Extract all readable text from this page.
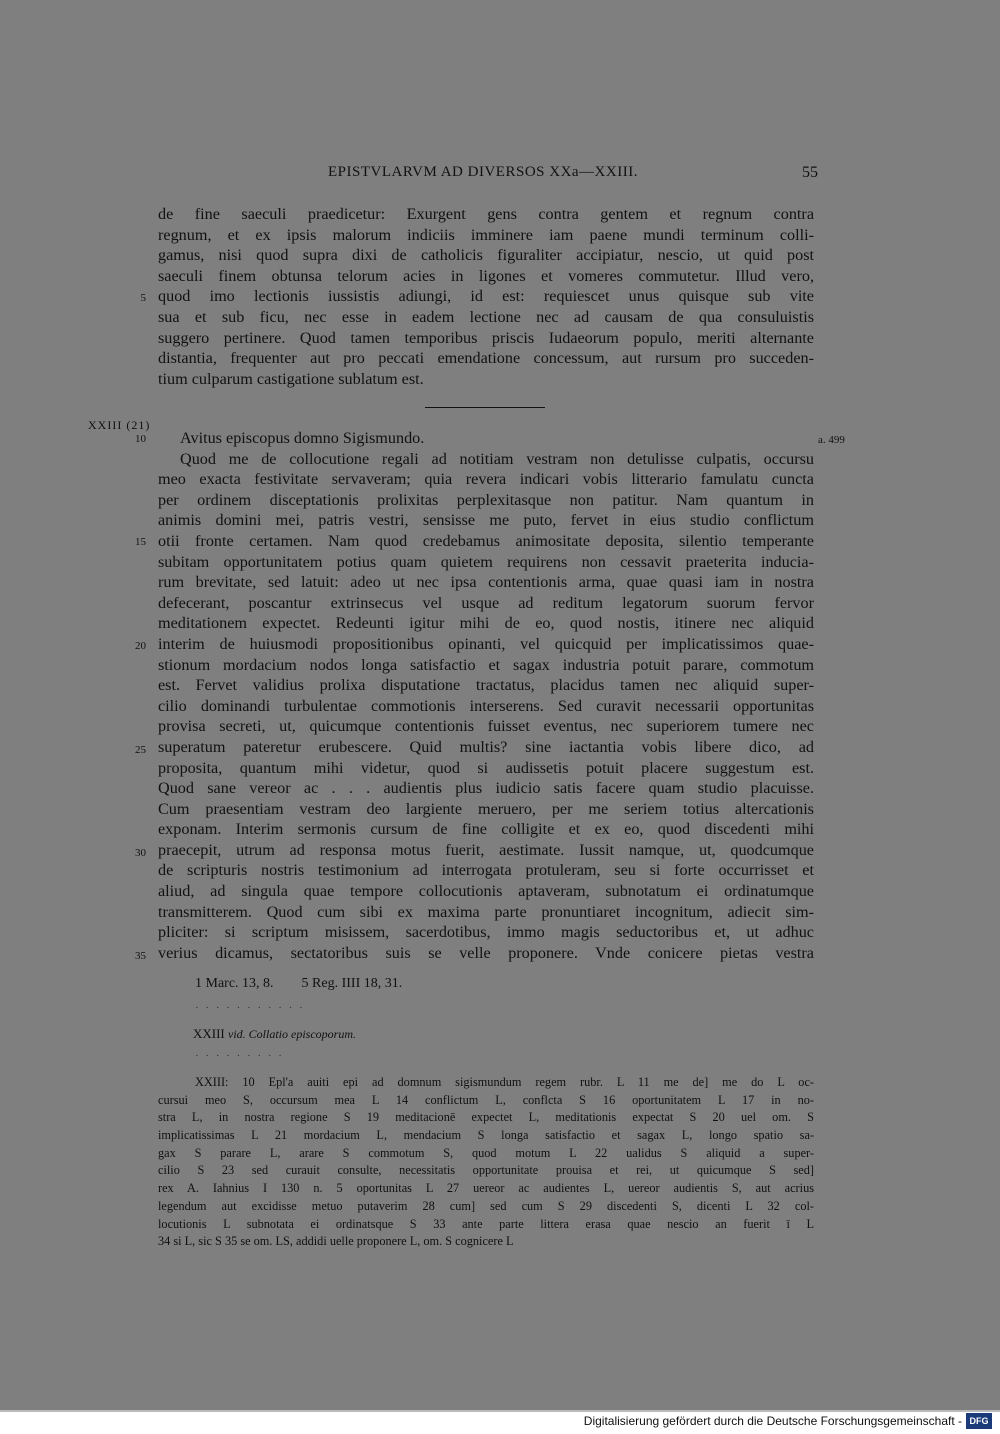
EPISTVLARVM AD DIVERSOS XXa—XXIII.	55
de fine saeculi praedicetur: Exurgent gens contra gentem et regnum contra
regnum, et ex ipsis malorum indiciis imminere iam paene mundi terminum colli-
gamus, nisi quod supra dixi de catholicis figuraliter accipiatur, nescio, ut quid post
saeculi finem obtunsa telorum acies in ligones et vomeres commutetur. Illud vero,
quod imo lectionis iussistis adiungi, id est: requiescet unus quisque sub vite
sua et sub ficu, nec esse in eadem lectione nec ad causam de qua consuluistis
suggero pertinere. Quod tamen temporibus priscis Iudaeorum populo, meriti alternante
distantia, frequenter aut pro peccati emendatione concessum, aut rursum pro succeden-
tium culparum castigatione sublatum est.
5
XXIII (21)
a. 499
Avitus episcopus domno Sigismundo.
Quod me de collocutione regali ad notitiam vestram non detulisse culpatis, occursu
meo exacta festivitate servaveram; quia revera indicari vobis litterario famulatu cuncta
per ordinem disceptationis prolixitas perplexitasque non patitur. Nam quantum in
animis domini mei, patris vestri, sensisse me puto, fervet in eius studio conflictum
otii fronte certamen. Nam quod credebamus animositate deposita, silentio temperante
subitam opportunitatem potius quam quietem requirens non cessavit praeterita inducia-
rum brevitate, sed latuit: adeo ut nec ipsa contentionis arma, quae quasi iam in nostra
defecerant, poscantur extrinsecus vel usque ad reditum legatorum suorum fervor
meditationem expectet. Redeunti igitur mihi de eo, quod nostis, itinere nec aliquid
interim de huiusmodi propositionibus opinanti, vel quicquid per implicatissimos quae-
stionum mordacium nodos longa satisfactio et sagax industria potuit parare, commotum
est. Fervet validius prolixa disputatione tractatus, placidus tamen nec aliquid super-
cilio dominandi turbulentae commotionis interserens. Sed curavit necessarii opportunitas
provisa secreti, ut, quicumque contentionis fuisset eventus, nec superiorem tumere nec
superatum pateretur erubescere. Quid multis? sine iactantia vobis libere dico, ad
proposita, quantum mihi videtur, quod si audissetis potuit placere suggestum est.
Quod sane vereor ac . . . audientis plus iudicio satis facere quam studio placuisse.
Cum praesentiam vestram deo largiente meruero, per me seriem totius altercationis
exponam. Interim sermonis cursum de fine colligite et ex eo, quod discedenti mihi
praecepit, utrum ad responsa motus fuerit, aestimate. Iussit namque, ut, quodcumque
de scripturis nostris testimonium ad interrogata protuleram, seu si forte occurrisset et
aliud, ad singula quae tempore collocutionis aptaveram, subnotatum ei ordinatumque
transmitterem. Quod cum sibi ex maxima parte pronuntiaret incognitum, adiecit sim-
pliciter: si scriptum misissem, sacerdotibus, immo magis seductoribus et, ut adhuc
verius dicamus, sectatoribus suis se velle proponere. Vnde conicere pietas vestra
10
15
20
25
30
35
1 Marc. 13, 8.        5 Reg. IIII 18, 31.
· · · · · · · · · · ·
XXIII vid. Collatio episcoporum.
· · · · · · · · ·
XXIII: 10 Epl'a auiti epi ad domnum sigismundum regem rubr. L 11 me de] me do L oc-
cursui meo S, occursum mea L 14 conflictum L, conflcta S 16 oportunitatem L 17 in no-
stra L, in nostra regione S 19 meditacionē expectet L, meditationis expectat S 20 uel om. S
implicatissimas L 21 mordacium L, mendacium S longa satisfactio et sagax L, longo spatio sa-
gax S parare L, arare S commotum S, quod motum L 22 ualidus S aliquid a super-
cilio S 23 sed curauit consulte, necessitatis opportunitate prouisa et rei, ut quicumque S sed]
rex A. Iahnius I 130 n. 5 oportunitas L 27 uereor ac audientes L, uereor audientis S, aut acrius
legendum aut excidisse metuo putaverim 28 cum] sed cum S 29 discedenti S, dicenti L 32 col-
locutionis L subnotata ei ordinatsque S 33 ante parte littera erasa quae nescio an fuerit ī L
34 si L, sic S 35 se om. LS, addidi uelle proponere L, om. S cognicere L
Digitalisierung gefördert durch die Deutsche Forschungsgemeinschaft - DFG
